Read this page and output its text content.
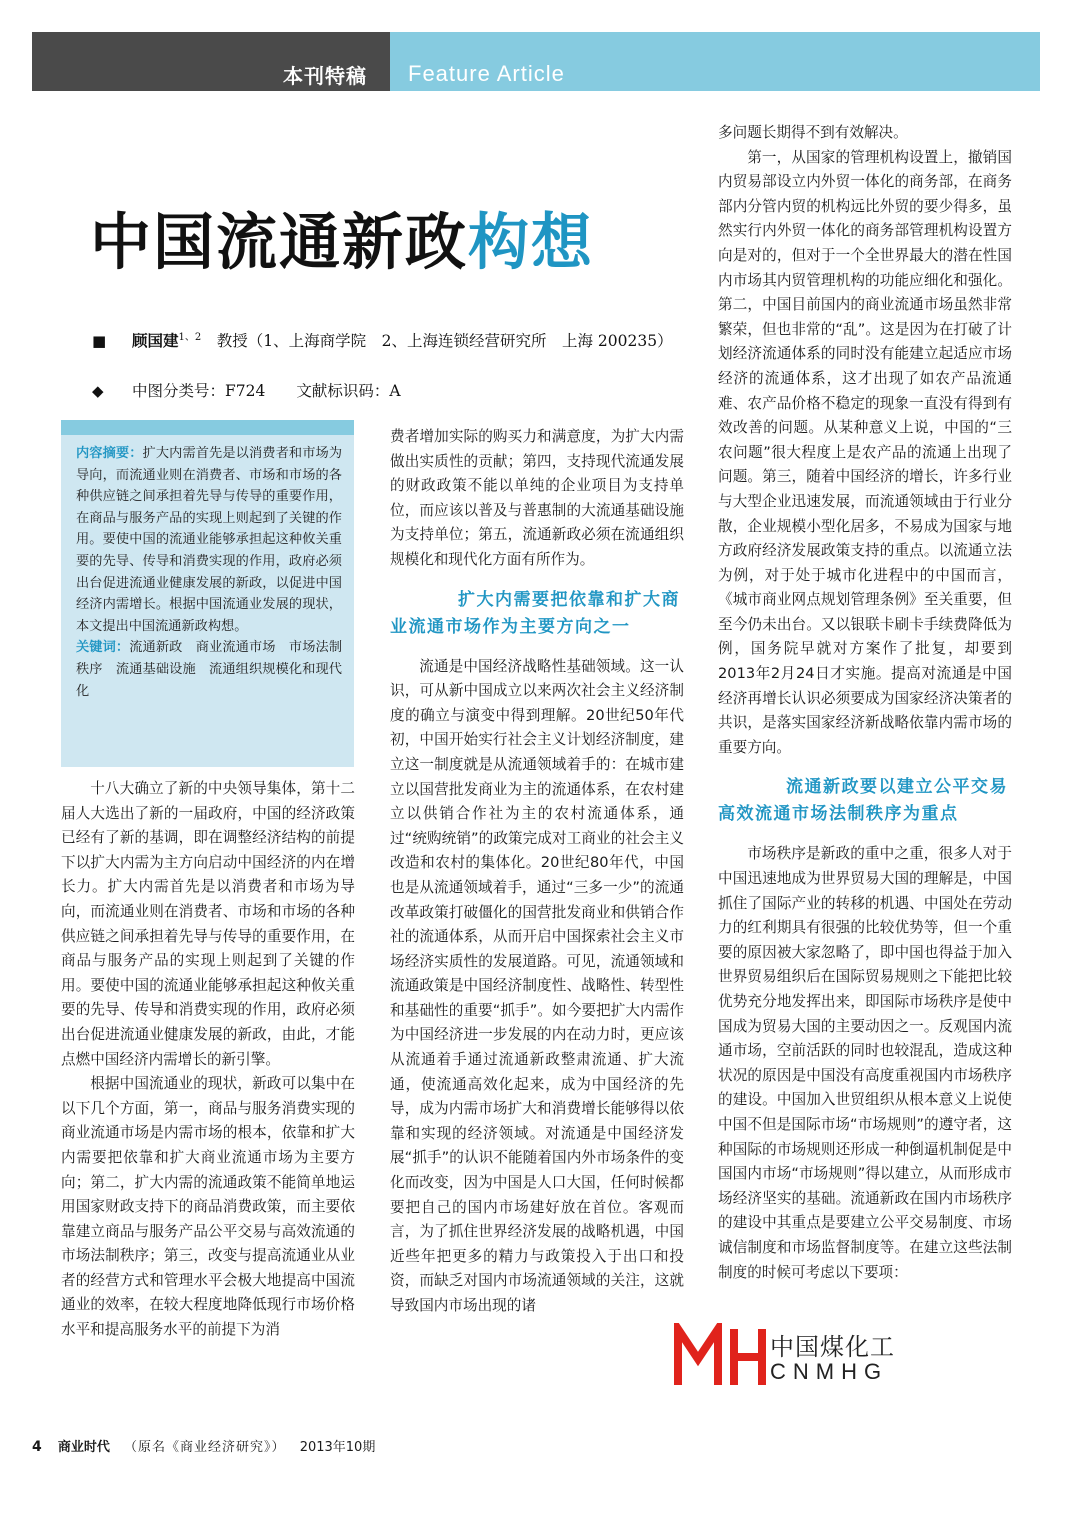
本刊特稿 Feature Article
中国流通新政构想
■ 顾国建$^{1、2}$　 教授（1、上海商学院　2、上海连锁经营研究所　上海 200235）
◆ 中图分类号：F724　　文献标识码：A
内容摘要：扩大内需首先是以消费者和市场为导向，而流通业则在消费者、市场和市场的各种供应链之间承担着先导与传导的重要作用，在商品与服务产品的实现上则起到了关键的作用。要使中国的流通业能够承担起这种攸关重要的先导、传导和消费实现的作用，政府必须出台促进流通业健康发展的新政，以促进中国经济内需增长。根据中国流通业发展的现状，本文提出中国流通新政构想。
关键词：流通新政　商业流通市场　市场法制秩序　流通基础设施　流通组织规模化和现代化

十八大确立了新的中央领导集体，第十二届人大选出了新的一届政府，中国的经济政策已经有了新的基调，即在调整经济结构的前提下以扩大内需为主方向启动中国经济的内在增长力。扩大内需首先是以消费者和市场为导向，而流通业则在消费者、市场和市场的各种供应链之间承担着先导与传导的重要作用，在商品与服务产品的实现上则起到了关键的作用。要使中国的流通业能够承担起这种攸关重要的先导、传导和消费实现的作用，政府必须出台促进流通业健康发展的新政，由此，才能点燃中国经济内需增长的新引擎。

根据中国流通业的现状，新政可以集中在以下几个方面，第一，商品与服务消费实现的商业流通市场是内需市场的根本，依靠和扩大内需要把依靠和扩大商业流通市场为主要方向；第二，扩大内需的流通政策不能简单地运用国家财政支持下的商品消费政策，而主要依靠建立商品与服务产品公平交易与高效流通的市场法制秩序；第三，改变与提高流通业从业者的经营方式和管理水平会极大地提高中国流通业的效率，在较大程度地降低现行市场价格水平和提高服务水平的前提下为消

费者增加实际的购买力和满意度，为扩大内需做出实质性的贡献；第四，支持现代流通发展的财政政策不能以单纯的企业项目为支持单位，而应该以普及与普惠制的大流通基础设施为支持单位；第五，流通新政必须在流通组织规模化和现代化方面有所作为。

扩大内需要把依靠和扩大商
业流通市场作为主要方向之一

流通是中国经济战略性基础领域。这一认识，可从新中国成立以来两次社会主义经济制度的确立与演变中得到理解。20世纪50年代初，中国开始实行社会主义计划经济制度，建立这一制度就是从流通领域着手的：在城市建立以国营批发商业为主的流通体系，在农村建立以供销合作社为主的农村流通体系，通过“统购统销”的政策完成对工商业的社会主义改造和农村的集体化。20世纪80年代，中国也是从流通领域着手，通过“三多一少”的流通改革政策打破僵化的国营批发商业和供销合作社的流通体系，从而开启中国探索社会主义市场经济实质性的发展道路。可见，流通领域和流通政策是中国经济制度性、战略性、转型性和基础性的重要“抓手”。如今要把扩大内需作为中国经济进一步发展的内在动力时，更应该从流通着手通过流通新政整肃流通、扩大流通，使流通高效化起来，成为中国经济的先导，成为内需市场扩大和消费增长能够得以依靠和实现的经济领域。对流通是中国经济发展“抓手”的认识不能随着国内外市场条件的变化而改变，因为中国是人口大国，任何时候都要把自己的国内市场建好放在首位。客观而言，为了抓住世界经济发展的战略机遇，中国近些年把更多的精力与政策投入于出口和投资，而缺乏对国内市场流通领域的关注，这就导致国内市场出现的诸

多问题长期得不到有效解决。

第一，从国家的管理机构设置上，撤销国内贸易部设立内外贸一体化的商务部，在商务部内分管内贸的机构远比外贸的要少得多，虽然实行内外贸一体化的商务部管理机构设置方向是对的，但对于一个全世界最大的潜在性国内市场其内贸管理机构的功能应细化和强化。第二，中国目前国内的商业流通市场虽然非常繁荣，但也非常的“乱”。这是因为在打破了计划经济流通体系的同时没有能建立起适应市场经济的流通体系，这才出现了如农产品流通难、农产品价格不稳定的现象一直没有得到有效改善的问题。从某种意义上说，中国的“三农问题”很大程度上是农产品的流通上出现了问题。第三，随着中国经济的增长，许多行业与大型企业迅速发展，而流通领域由于行业分散，企业规模小型化居多，不易成为国家与地方政府经济发展政策支持的重点。以流通立法为例，对于处于城市化进程中的中国而言，《城市商业网点规划管理条例》至关重要，但至今仍未出台。又以银联卡刷卡手续费降低为例，国务院早就对方案作了批复，却要到2013年2月24日才实施。提高对流通是中国经济再增长认识必须要成为国家经济决策者的共识，是落实国家经济新战略依靠内需市场的重要方向。

流通新政要以建立公平交易
高效流通市场法制秩序为重点

市场秩序是新政的重中之重，很多人对于中国迅速地成为世界贸易大国的理解是，中国抓住了国际产业的转移的机遇、中国处在劳动力的红利期具有很强的比较优势等，但一个重要的原因被大家忽略了，即中国也得益于加入世界贸易组织后在国际贸易规则之下能把比较优势充分地发挥出来，即国际市场秩序是使中国成为贸易大国的主要动因之一。反观国内流通市场，空前活跃的同时也较混乱，造成这种状况的原因是中国没有高度重视国内市场秩序的建设。中国加入世贸组织从根本意义上说使中国不但是国际市场“市场规则”的遵守者，这种国际的市场规则还形成一种倒逼机制促是中国国内市场“市场规则”得以建立，从而形成市场经济坚实的基础。流通新政在国内市场秩序的建设中其重点是要建立公平交易制度、市场诚信制度和市场监督制度等。在建立这些法制制度的时候可考虑以下要项：

中国煤化工
CNMHG
4 商业时代 （原名《商业经济研究》） 2013年10期
